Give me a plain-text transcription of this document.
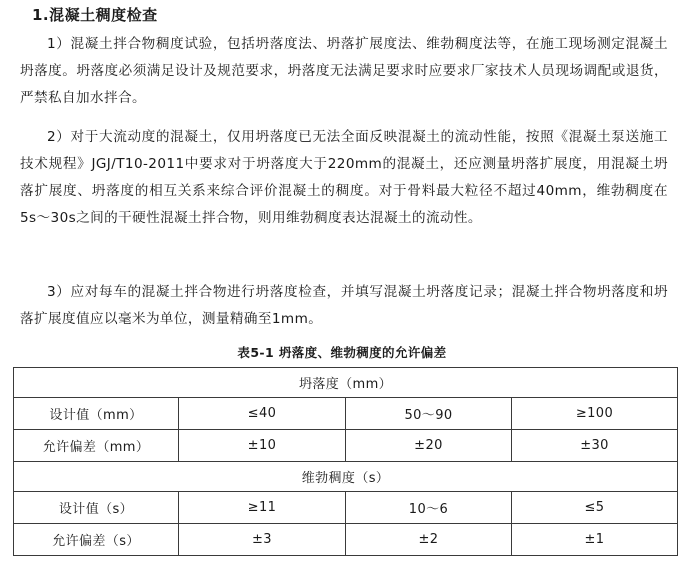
1.混凝土稠度检查

1）混凝土拌合物稠度试验，包括坍落度法、坍落扩展度法、维勃稠度法等，在施工现场测定混凝土坍落度。坍落度必须满足设计及规范要求，坍落度无法满足要求时应要求厂家技术人员现场调配或退货，严禁私自加水拌合。

2）对于大流动度的混凝土，仅用坍落度已无法全面反映混凝土的流动性能，按照《混凝土泵送施工技术规程》JGJ/T10-2011中要求对于坍落度大于220mm的混凝土，还应测量坍落扩展度，用混凝土坍落扩展度、坍落度的相互关系来综合评价混凝土的稠度。对于骨料最大粒径不超过40mm，维勃稠度在5s～30s之间的干硬性混凝土拌合物，则用维勃稠度表达混凝土的流动性。

3）应对每车的混凝土拌合物进行坍落度检查，并填写混凝土坍落度记录；混凝土拌合物坍落度和坍落扩展度值应以毫米为单位，测量精确至1mm。

表5-1 坍落度、维勃稠度的允许偏差
坍落度（mm）			
设计值（mm）	≤40	50～90	≥100
允许偏差（mm）	±10	±20	±30
维勃稠度（s）			
设计值（s）	≥11	10～6	≤5
允许偏差（s）	±3	±2	±1
